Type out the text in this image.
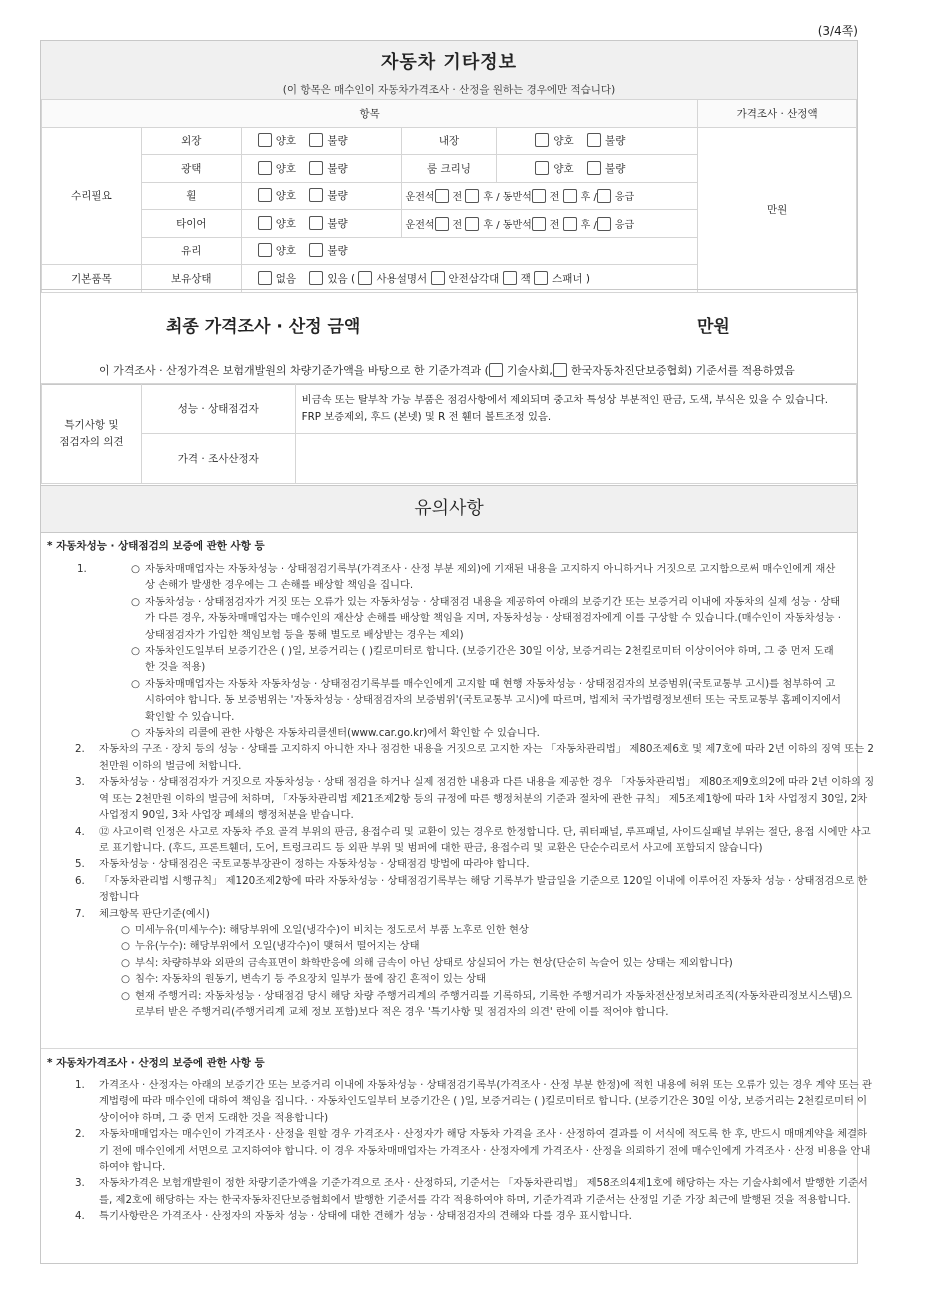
(3/4쪽)
자동차 기타정보
(이 항목은 매수인이 자동차가격조사 · 산정을 원하는 경우에만 적습니다)
항목					가격조사 · 산정액
수리필요	외장	양호 불량	내장	양호 불량	만원
	광택	양호 불량	룸 크리닝	양호 불량	
	휠	양호 불량	운전석 전 후 / 동반석 전 후 / 응급		
	타이어	양호 불량	운전석 전 후 / 동반석 전 후 / 응급		
	유리	양호 불량			
기본품목	보유상태	없음 있음 ( 사용설명서 안전삼각대 잭 스패너 )			
최종 가격조사 · 산정 금액	만원
이 가격조사 · 산정가격은 보험개발원의 차량기준가액을 바탕으로 한 기준가격과 ( 기술사회, 한국자동차진단보증협회) 기준서를 적용하였음
특기사항 및
점검자의 의견	성능 · 상태점검자	비금속 또는 탈부착 가능 부품은 점검사항에서 제외되며 중고차 특성상 부분적인 판금, 도색, 부식은 있을 수 있습니다. FRP 보증제외, 후드 (본넷) 및 R 전 휀더 볼트조정 있음.
	가격 · 조사산정자	
유의사항
* 자동차성능 · 상태점검의 보증에 관한 사항 등
1.	○ 자동차매매업자는 자동차성능 · 상태점검기록부(가격조사 · 산정 부분 제외)에 기재된 내용을 고지하지 아니하거나 거짓으로 고지함으로써 매수인에게 재산상 손해가 발생한 경우에는 그 손해를 배상할 책임을 집니다.
○ 자동차성능 · 상태점검자가 거짓 또는 오류가 있는 자동차성능 · 상태점검 내용을 제공하여 아래의 보증기간 또는 보증거리 이내에 자동차의 실제 성능 · 상태가 다른 경우, 자동차매매업자는 매수인의 재산상 손해를 배상할 책임을 지며, 자동차성능 · 상태점검자에게 이를 구상할 수 있습니다.(매수인이 자동차성능 · 상태점검자가 가입한 책임보험 등을 통해 별도로 배상받는 경우는 제외)
○ 자동차인도일부터 보증기간은 ( )일, 보증거리는 ( )킬로미터로 합니다. (보증기간은 30일 이상, 보증거리는 2천킬로미터 이상이어야 하며, 그 중 먼저 도래한 것을 적용)
○ 자동차매매업자는 자동차 자동차성능 · 상태점검기록부를 매수인에게 고지할 때 현행 자동차성능 · 상태점검자의 보증범위(국토교통부 고시)를 첨부하여 고시하여야 합니다. 동 보증범위는 '자동차성능 · 상태점검자의 보증범위'(국토교통부 고시)에 따르며, 법제처 국가법령정보센터 또는 국토교통부 홈페이지에서 확인할 수 있습니다.
○ 자동차의 리콜에 관한 사항은 자동차리콜센터(www.car.go.kr)에서 확인할 수 있습니다.
2. 자동차의 구조 · 장치 등의 성능 · 상태를 고지하지 아니한 자나 점검한 내용을 거짓으로 고지한 자는 「자동차관리법」 제80조제6호 및 제7호에 따라 2년 이하의 징역 또는 2천만원 이하의 벌금에 처합니다.
3. 자동차성능 · 상태점검자가 거짓으로 자동차성능 · 상태 점검을 하거나 실제 점검한 내용과 다른 내용을 제공한 경우 「자동차관리법」 제80조제9호의2에 따라 2년 이하의 징역 또는 2천만원 이하의 벌금에 처하며, 「자동차관리법 제21조제2항 등의 규정에 따른 행정처분의 기준과 절차에 관한 규칙」 제5조제1항에 따라 1차 사업정지 30일, 2차 사업정지 90일, 3차 사업장 폐쇄의 행정처분을 받습니다.
4. ⑫ 사고이력 인정은 사고로 자동차 주요 골격 부위의 판금, 용접수리 및 교환이 있는 경우로 한정합니다. 단, 쿼터패널, 루프패널, 사이드실패널 부위는 절단, 용접 시에만 사고로 표기합니다. (후드, 프론트휀더, 도어, 트렁크리드 등 외판 부위 및 범퍼에 대한 판금, 용접수리 및 교환은 단순수리로서 사고에 포함되지 않습니다)
5. 자동차성능 · 상태점검은 국토교통부장관이 정하는 자동차성능 · 상태점검 방법에 따라야 합니다.
6. 「자동차관리법 시행규칙」 제120조제2항에 따라 자동차성능 · 상태점검기록부는 해당 기록부가 발급일을 기준으로 120일 이내에 이루어진 자동차 성능 · 상태점검으로 한정합니다
7. 체크항목 판단기준(예시)
○ 미세누유(미세누수): 해당부위에 오일(냉각수)이 비치는 정도로서 부품 노후로 인한 현상
○ 누유(누수): 해당부위에서 오일(냉각수)이 맺혀서 떨어지는 상태
○ 부식: 차량하부와 외판의 금속표면이 화학반응에 의해 금속이 아닌 상태로 상실되어 가는 현상(단순히 녹슬어 있는 상태는 제외합니다)
○ 침수: 자동차의 원동기, 변속기 등 주요장치 일부가 물에 잠긴 흔적이 있는 상태
○ 현재 주행거리: 자동차성능 · 상태점검 당시 해당 차량 주행거리계의 주행거리를 기록하되, 기록한 주행거리가 자동차전산정보처리조직(자동차관리정보시스템)으로부터 받은 주행거리(주행거리계 교체 정보 포함)보다 적은 경우 '특기사항 및 점검자의 의견' 란에 이를 적어야 합니다.
* 자동차가격조사 · 산정의 보증에 관한 사항 등
1. 가격조사 · 산정자는 아래의 보증기간 또는 보증거리 이내에 자동차성능 · 상태점검기록부(가격조사 · 산정 부분 한정)에 적힌 내용에 허위 또는 오류가 있는 경우 계약 또는 관계법령에 따라 매수인에 대하여 책임을 집니다. · 자동차인도일부터 보증기간은 ( )일, 보증거리는 ( )킬로미터로 합니다. (보증기간은 30일 이상, 보증거리는 2천킬로미터 이상이어야 하며, 그 중 먼저 도래한 것을 적용합니다)
2. 자동차매매업자는 매수인이 가격조사 · 산정을 원할 경우 가격조사 · 산정자가 해당 자동차 가격을 조사 · 산정하여 결과를 이 서식에 적도록 한 후, 반드시 매매계약을 체결하기 전에 매수인에게 서면으로 고지하여야 합니다. 이 경우 자동차매매업자는 가격조사 · 산정자에게 가격조사 · 산정을 의뢰하기 전에 매수인에게 가격조사 · 산정 비용을 안내하여야 합니다.
3. 자동차가격은 보험개발원이 정한 차량기준가액을 기준가격으로 조사 · 산정하되, 기준서는 「자동차관리법」 제58조의4제1호에 해당하는 자는 기술사회에서 발행한 기준서를, 제2호에 해당하는 자는 한국자동차진단보증협회에서 발행한 기준서를 각각 적용하여야 하며, 기준가격과 기준서는 산정일 기준 가장 최근에 발행된 것을 적용합니다.
4. 특기사항란은 가격조사 · 산정자의 자동차 성능 · 상태에 대한 견해가 성능 · 상태점검자의 견해와 다를 경우 표시합니다.
